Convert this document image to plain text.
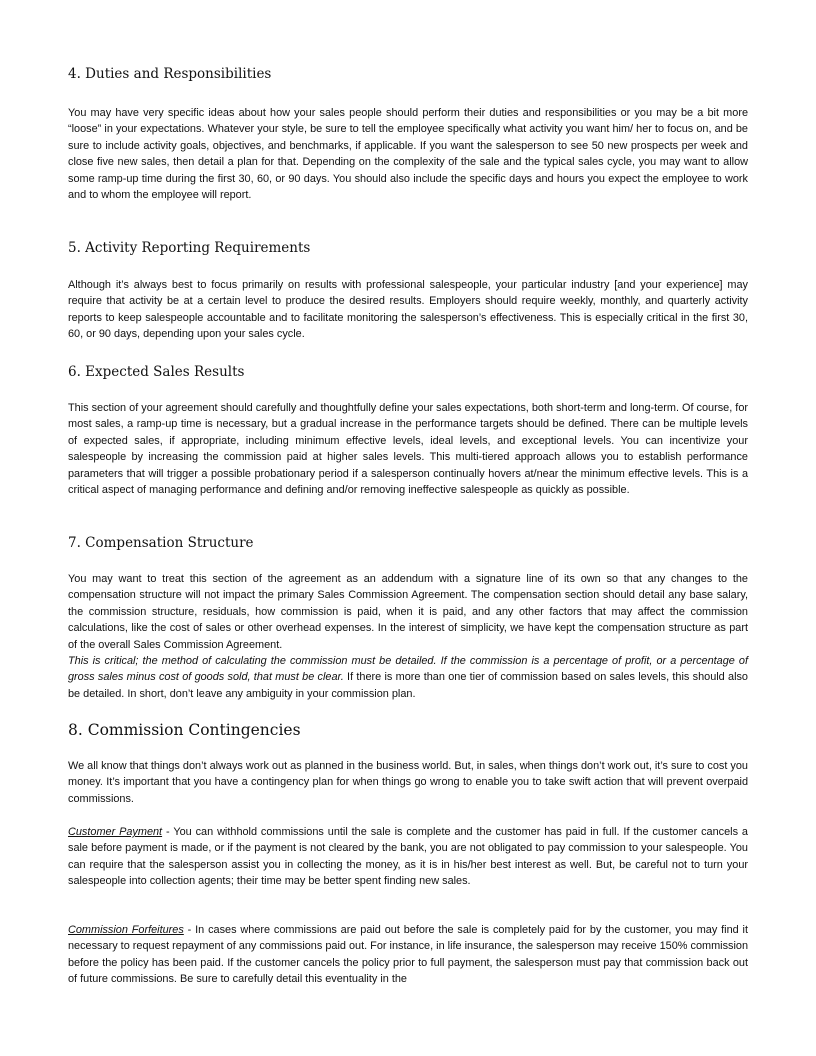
4. Duties and Responsibilities

You may have very specific ideas about how your sales people should perform their duties and responsibilities or you may be a bit more “loose” in your expectations. Whatever your style, be sure to tell the employee specifically what activity you want him/ her to focus on, and be sure to include activity goals, objectives, and benchmarks, if applicable. If you want the salesperson to see 50 new prospects per week and close five new sales, then detail a plan for that. Depending on the complexity of the sale and the typical sales cycle, you may want to allow some ramp-up time during the first 30, 60, or 90 days. You should also include the specific days and hours you expect the employee to work and to whom the employee will report.

5. Activity Reporting Requirements

Although it’s always best to focus primarily on results with professional salespeople, your particular industry [and your experience] may require that activity be at a certain level to produce the desired results. Employers should require weekly, monthly, and quarterly activity reports to keep salespeople accountable and to facilitate monitoring the salesperson’s effectiveness. This is especially critical in the first 30, 60, or 90 days, depending upon your sales cycle.

6. Expected Sales Results

This section of your agreement should carefully and thoughtfully define your sales expectations, both short-term and long-term. Of course, for most sales, a ramp-up time is necessary, but a gradual increase in the performance targets should be defined. There can be multiple levels of expected sales, if appropriate, including minimum effective levels, ideal levels, and exceptional levels. You can incentivize your salespeople by increasing the commission paid at higher sales levels. This multi-tiered approach allows you to establish performance parameters that will trigger a possible probationary period if a salesperson continually hovers at/near the minimum effective levels. This is a critical aspect of managing performance and defining and/or removing ineffective salespeople as quickly as possible.

7. Compensation Structure

You may want to treat this section of the agreement as an addendum with a signature line of its own so that any changes to the compensation structure will not impact the primary Sales Commission Agreement. The compensation section should detail any base salary, the commission structure, residuals, how commission is paid, when it is paid, and any other factors that may affect the commission calculations, like the cost of sales or other overhead expenses. In the interest of simplicity, we have kept the compensation structure as part of the overall Sales Commission Agreement.

This is critical; the method of calculating the commission must be detailed. If the commission is a percentage of profit, or a percentage of gross sales minus cost of goods sold, that must be clear. If there is more than one tier of commission based on sales levels, this should also be detailed. In short, don’t leave any ambiguity in your commission plan.

8. Commission Contingencies

We all know that things don’t always work out as planned in the business world. But, in sales, when things don’t work out, it’s sure to cost you money. It’s important that you have a contingency plan for when things go wrong to enable you to take swift action that will prevent overpaid commissions.

Customer Payment - You can withhold commissions until the sale is complete and the customer has paid in full. If the customer cancels a sale before payment is made, or if the payment is not cleared by the bank, you are not obligated to pay commission to your salespeople. You can require that the salesperson assist you in collecting the money, as it is in his/her best interest as well. But, be careful not to turn your salespeople into collection agents; their time may be better spent finding new sales.

Commission Forfeitures - In cases where commissions are paid out before the sale is completely paid for by the customer, you may find it necessary to request repayment of any commissions paid out. For instance, in life insurance, the salesperson may receive 150% commission before the policy has been paid. If the customer cancels the policy prior to full payment, the salesperson must pay that commission back out of future commissions. Be sure to carefully detail this eventuality in the
